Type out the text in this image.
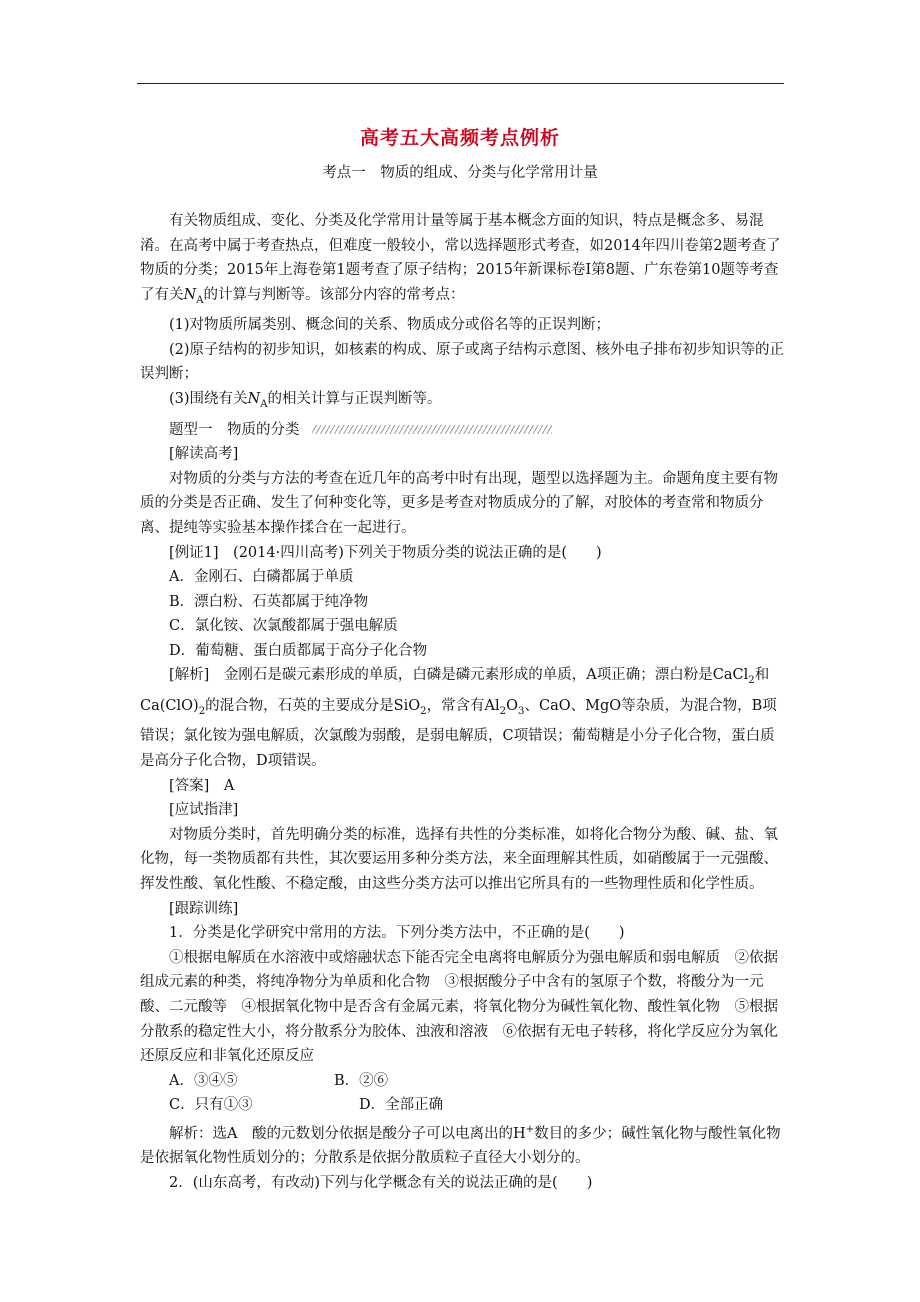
高考五大高频考点例析
考点一　物质的组成、分类与化学常用计量

有关物质组成、变化、分类及化学常用计量等属于基本概念方面的知识，特点是概念多、易混淆。在高考中属于考查热点，但难度一般较小，常以选择题形式考查，如2014年四川卷第2题考查了物质的分类；2015年上海卷第1题考查了原子结构；2015年新课标卷Ⅰ第8题、广东卷第10题等考查了有关$N_A$的计算与判断等。该部分内容的常考点：

(1)对物质所属类别、概念间的关系、物质成分或俗名等的正误判断；

(2)原子结构的初步知识，如核素的构成、原子或离子结构示意图、核外电子排布初步知识等的正误判断；

(3)围绕有关$N_A$的相关计算与正误判断等。

题型一　物质的分类

[解读高考]

对物质的分类与方法的考查在近几年的高考中时有出现，题型以选择题为主。命题角度主要有物质的分类是否正确、发生了何种变化等，更多是考查对物质成分的了解，对胶体的考查常和物质分离、提纯等实验基本操作揉合在一起进行。

[例证1]　(2014·四川高考)下列关于物质分类的说法正确的是(　　)

A．金刚石、白磷都属于单质

B．漂白粉、石英都属于纯净物

C．氯化铵、次氯酸都属于强电解质

D．葡萄糖、蛋白质都属于高分子化合物

[解析]　金刚石是碳元素形成的单质，白磷是磷元素形成的单质，A项正确；漂白粉是CaCl$_2$和$Ca(ClO)_2$的混合物，石英的主要成分是SiO$_2$，常含有$Al_2O_3$、CaO、MgO等杂质，为混合物，B项错误；氯化铵为强电解质，次氯酸为弱酸，是弱电解质，C项错误；葡萄糖是小分子化合物，蛋白质是高分子化合物，D项错误。

[答案]　A

[应试指津]

对物质分类时，首先明确分类的标准，选择有共性的分类标准，如将化合物分为酸、碱、盐、氧化物，每一类物质都有共性，其次要运用多种分类方法，来全面理解其性质，如硝酸属于一元强酸、挥发性酸、氧化性酸、不稳定酸，由这些分类方法可以推出它所具有的一些物理性质和化学性质。

[跟踪训练]

1．分类是化学研究中常用的方法。下列分类方法中，不正确的是(　　)

①根据电解质在水溶液中或熔融状态下能否完全电离将电解质分为强电解质和弱电解质　②依据组成元素的种类，将纯净物分为单质和化合物　③根据酸分子中含有的氢原子个数，将酸分为一元酸、二元酸等　④根据氧化物中是否含有金属元素，将氧化物分为碱性氧化物、酸性氧化物　⑤根据分散系的稳定性大小，将分散系分为胶体、浊液和溶液　⑥依据有无电子转移，将化学反应分为氧化还原反应和非氧化还原反应

A．③④⑤	B．②⑥
C．只有①③	D．全部正确

解析：选A　酸的元数划分依据是酸分子可以电离出的H+数目的多少；碱性氧化物与酸性氧化物是依据氧化物性质划分的；分散系是依据分散质粒子直径大小划分的。

2．(山东高考，有改动)下列与化学概念有关的说法正确的是(　　)
